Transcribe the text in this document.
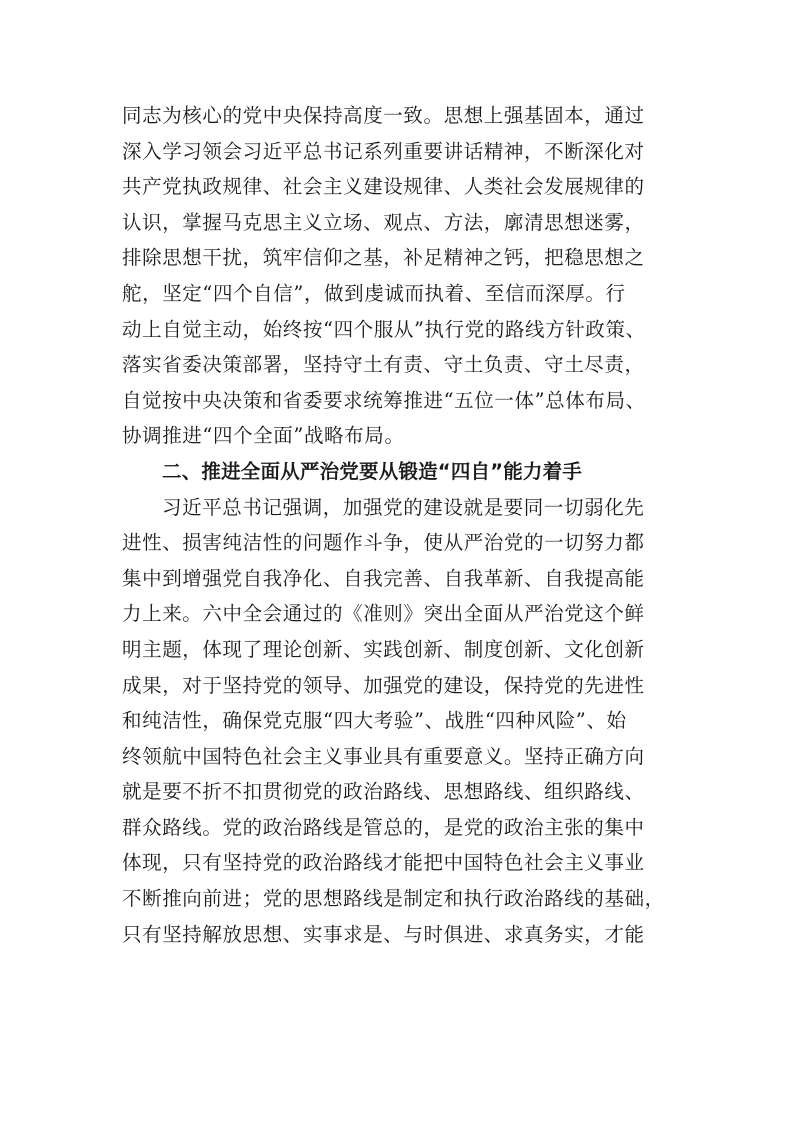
同志为核心的党中央保持高度一致。思想上强基固本，通过
深入学习领会习近平总书记系列重要讲话精神，不断深化对
共产党执政规律、社会主义建设规律、人类社会发展规律的
认识，掌握马克思主义立场、观点、方法，廓清思想迷雾，
排除思想干扰，筑牢信仰之基，补足精神之钙，把稳思想之
舵，坚定“四个自信”，做到虔诚而执着、至信而深厚。行
动上自觉主动，始终按“四个服从”执行党的路线方针政策、
落实省委决策部署，坚持守土有责、守土负责、守土尽责，
自觉按中央决策和省委要求统筹推进“五位一体”总体布局、
协调推进“四个全面”战略布局。
二、推进全面从严治党要从锻造“四自”能力着手
习近平总书记强调，加强党的建设就是要同一切弱化先
进性、损害纯洁性的问题作斗争，使从严治党的一切努力都
集中到增强党自我净化、自我完善、自我革新、自我提高能
力上来。六中全会通过的《准则》突出全面从严治党这个鲜
明主题，体现了理论创新、实践创新、制度创新、文化创新
成果，对于坚持党的领导、加强党的建设，保持党的先进性
和纯洁性，确保党克服“四大考验”、战胜“四种风险”、始
终领航中国特色社会主义事业具有重要意义。坚持正确方向
就是要不折不扣贯彻党的政治路线、思想路线、组织路线、
群众路线。党的政治路线是管总的，是党的政治主张的集中
体现，只有坚持党的政治路线才能把中国特色社会主义事业
不断推向前进；党的思想路线是制定和执行政治路线的基础，
只有坚持解放思想、实事求是、与时俱进、求真务实，才能
